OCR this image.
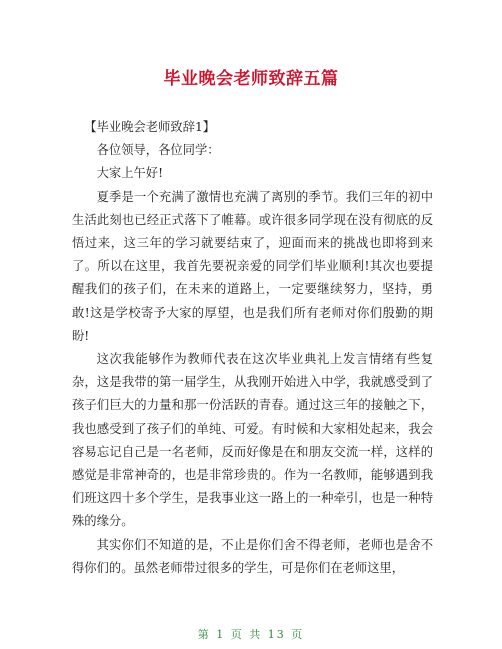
毕业晚会老师致辞五篇

【毕业晚会老师致辞1】

各位领导，各位同学：

大家上午好!

夏季是一个充满了激情也充满了离别的季节。我们三年的初中生活此刻也已经正式落下了帷幕。或许很多同学现在没有彻底的反悟过来，这三年的学习就要结束了，迎面而来的挑战也即将到来了。所以在这里，我首先要祝亲爱的同学们毕业顺利!其次也要提醒我们的孩子们，在未来的道路上，一定要继续努力，坚持，勇敢!这是学校寄予大家的厚望，也是我们所有老师对你们殷勤的期盼!

这次我能够作为教师代表在这次毕业典礼上发言情绪有些复杂，这是我带的第一届学生，从我刚开始进入中学，我就感受到了孩子们巨大的力量和那一份活跃的青春。通过这三年的接触之下，我也感受到了孩子们的单纯、可爱。有时候和大家相处起来，我会容易忘记自己是一名老师，反而好像是在和朋友交流一样，这样的感觉是非常神奇的，也是非常珍贵的。作为一名教师，能够遇到我们班这四十多个学生，是我事业这一路上的一种牵引，也是一种特殊的缘分。

其实你们不知道的是，不止是你们舍不得老师，老师也是舍不得你们的。虽然老师带过很多的学生，可是你们在老师这里，

第 1 页 共 13 页
